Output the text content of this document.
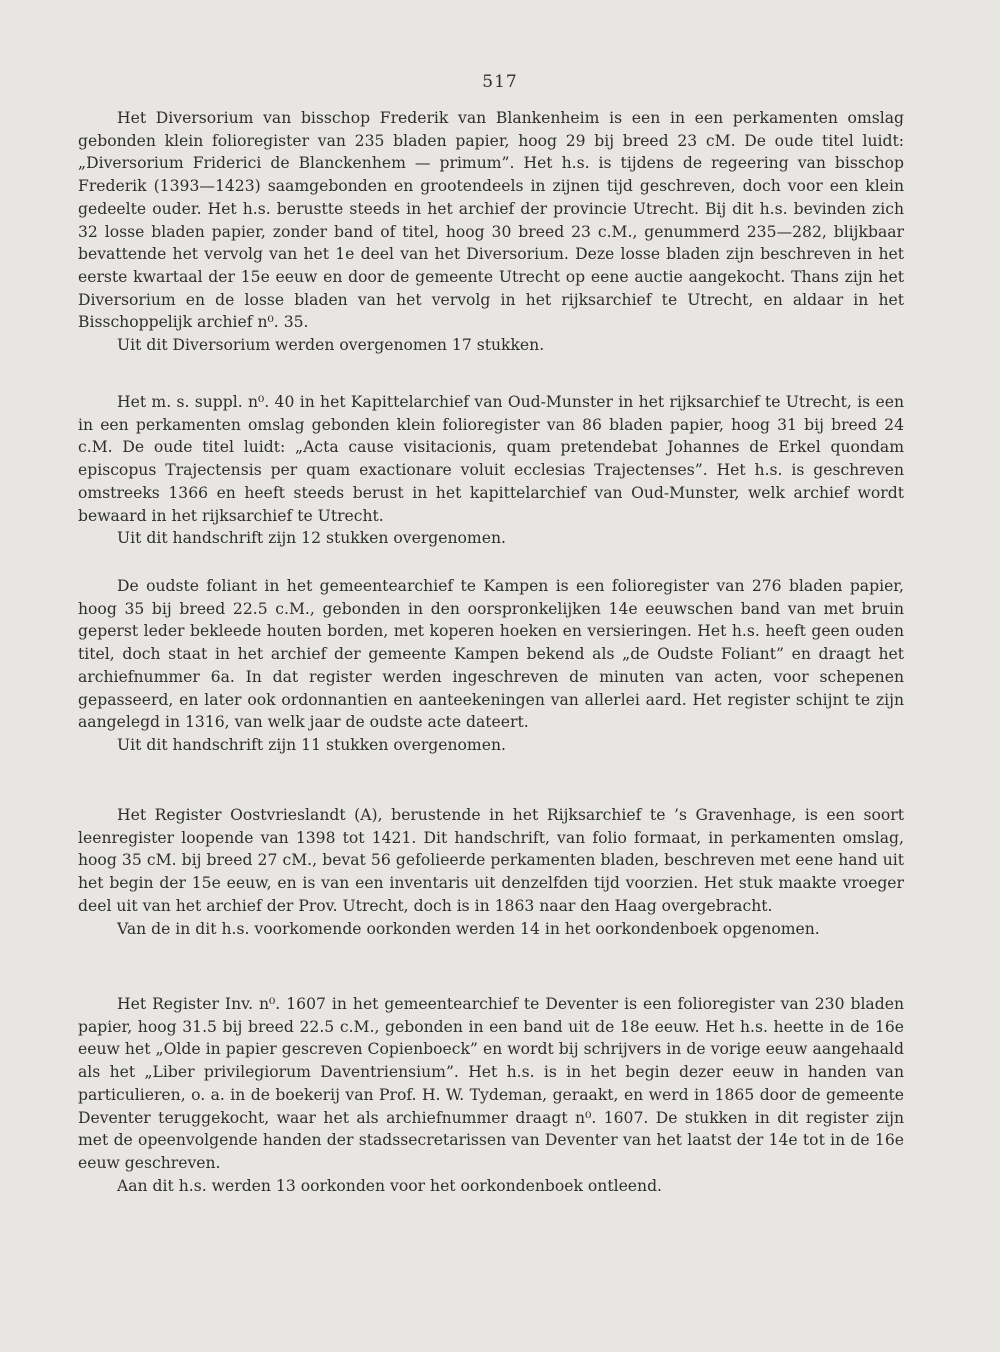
517

Het Diversorium van bisschop Frederik van Blankenheim is een in een perkamenten omslag gebonden klein folioregister van 235 bladen papier, hoog 29 bij breed 23 cM. De oude titel luidt: „Diversorium Friderici de Blanckenhem — primum”. Het h.s. is tijdens de regeering van bisschop Frederik (1393—1423) saamgebonden en grootendeels in zijnen tijd geschreven, doch voor een klein gedeelte ouder. Het h.s. berustte steeds in het archief der provincie Utrecht. Bij dit h.s. bevinden zich 32 losse bladen papier, zonder band of titel, hoog 30 breed 23 c.M., genummerd 235—282, blijkbaar bevattende het vervolg van het 1e deel van het Diversorium. Deze losse bladen zijn beschreven in het eerste kwartaal der 15e eeuw en door de gemeente Utrecht op eene auctie aangekocht. Thans zijn het Diversorium en de losse bladen van het vervolg in het rijksarchief te Utrecht, en aldaar in het Bisschoppelijk archief n⁰. 35.

Uit dit Diversorium werden overgenomen 17 stukken.

Het m. s. suppl. n⁰. 40 in het Kapittelarchief van Oud-Munster in het rijksarchief te Utrecht, is een in een perkamenten omslag gebonden klein folioregister van 86 bladen papier, hoog 31 bij breed 24 c.M. De oude titel luidt: „Acta cause visitacionis, quam pretendebat Johannes de Erkel quondam episcopus Trajectensis per quam exactionare voluit ecclesias Trajectenses”. Het h.s. is geschreven omstreeks 1366 en heeft steeds berust in het kapittelarchief van Oud-Munster, welk archief wordt bewaard in het rijksarchief te Utrecht.

Uit dit handschrift zijn 12 stukken overgenomen.

De oudste foliant in het gemeentearchief te Kampen is een folioregister van 276 bladen papier, hoog 35 bij breed 22.5 c.M., gebonden in den oorspronkelijken 14e eeuwschen band van met bruin geperst leder bekleede houten borden, met koperen hoeken en versieringen. Het h.s. heeft geen ouden titel, doch staat in het archief der gemeente Kampen bekend als „de Oudste Foliant” en draagt het archiefnummer 6a. In dat register werden ingeschreven de minuten van acten, voor schepenen gepasseerd, en later ook ordonnantien en aanteekeningen van allerlei aard. Het register schijnt te zijn aangelegd in 1316, van welk jaar de oudste acte dateert.

Uit dit handschrift zijn 11 stukken overgenomen.

Het Register Oostvrieslandt (A), berustende in het Rijksarchief te ’s Gravenhage, is een soort leenregister loopende van 1398 tot 1421. Dit handschrift, van folio formaat, in perkamenten omslag, hoog 35 cM. bij breed 27 cM., bevat 56 gefolieerde perkamenten bladen, beschreven met eene hand uit het begin der 15e eeuw, en is van een inventaris uit denzelfden tijd voorzien. Het stuk maakte vroeger deel uit van het archief der Prov. Utrecht, doch is in 1863 naar den Haag overgebracht.

Van de in dit h.s. voorkomende oorkonden werden 14 in het oorkondenboek opgenomen.

Het Register Inv. n⁰. 1607 in het gemeentearchief te Deventer is een folioregister van 230 bladen papier, hoog 31.5 bij breed 22.5 c.M., gebonden in een band uit de 18e eeuw. Het h.s. heette in de 16e eeuw het „Olde in papier gescreven Copienboeck” en wordt bij schrijvers in de vorige eeuw aangehaald als het „Liber privilegiorum Daventriensium”. Het h.s. is in het begin dezer eeuw in handen van particulieren, o. a. in de boekerij van Prof. H. W. Tydeman, geraakt, en werd in 1865 door de gemeente Deventer teruggekocht, waar het als archiefnummer draagt n⁰. 1607. De stukken in dit register zijn met de opeenvolgende handen der stadssecretarissen van Deventer van het laatst der 14e tot in de 16e eeuw geschreven.

Aan dit h.s. werden 13 oorkonden voor het oorkondenboek ontleend.
